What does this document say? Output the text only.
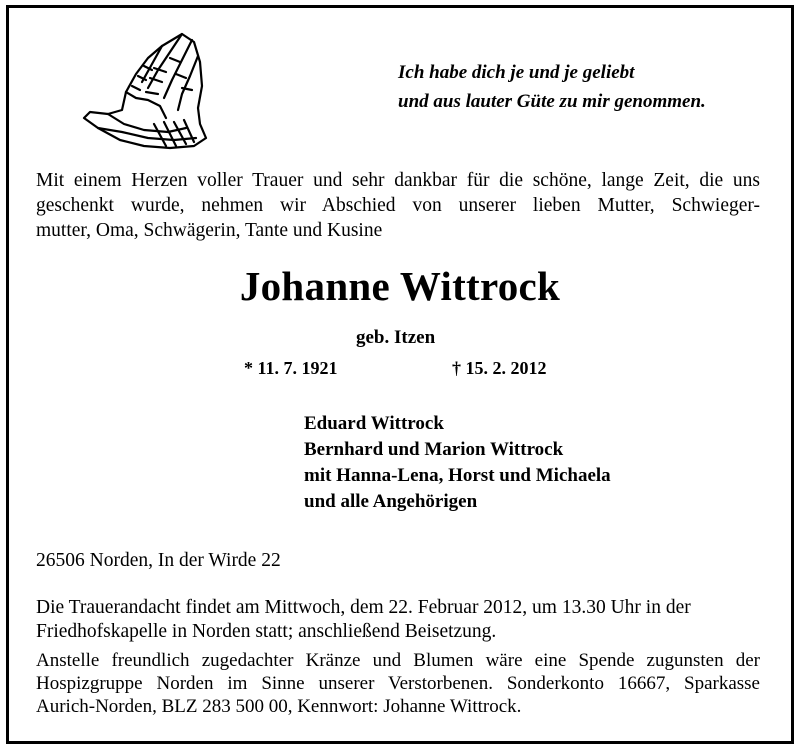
Ich habe dich je und je geliebt
und aus lauter Güte zu mir genommen.
Mit einem Herzen voller Trauer und sehr dankbar für die schöne, lange Zeit, die uns
geschenkt wurde, nehmen wir Abschied von unserer lieben Mutter, Schwieger-
mutter, Oma, Schwägerin, Tante und Kusine
Johanne Wittrock
geb. Itzen
* 11. 7. 1921	† 15. 2. 2012
Eduard Wittrock
Bernhard und Marion Wittrock
mit Hanna-Lena, Horst und Michaela
und alle Angehörigen
26506 Norden, In der Wirde 22
Die Trauerandacht findet am Mittwoch, dem 22. Februar 2012, um 13.30 Uhr in der
Friedhofskapelle in Norden statt; anschließend Beisetzung.
Anstelle freundlich zugedachter Kränze und Blumen wäre eine Spende zugunsten der
Hospizgruppe Norden im Sinne unserer Verstorbenen. Sonderkonto 16667, Sparkasse
Aurich-Norden, BLZ 283 500 00, Kennwort: Johanne Wittrock.
